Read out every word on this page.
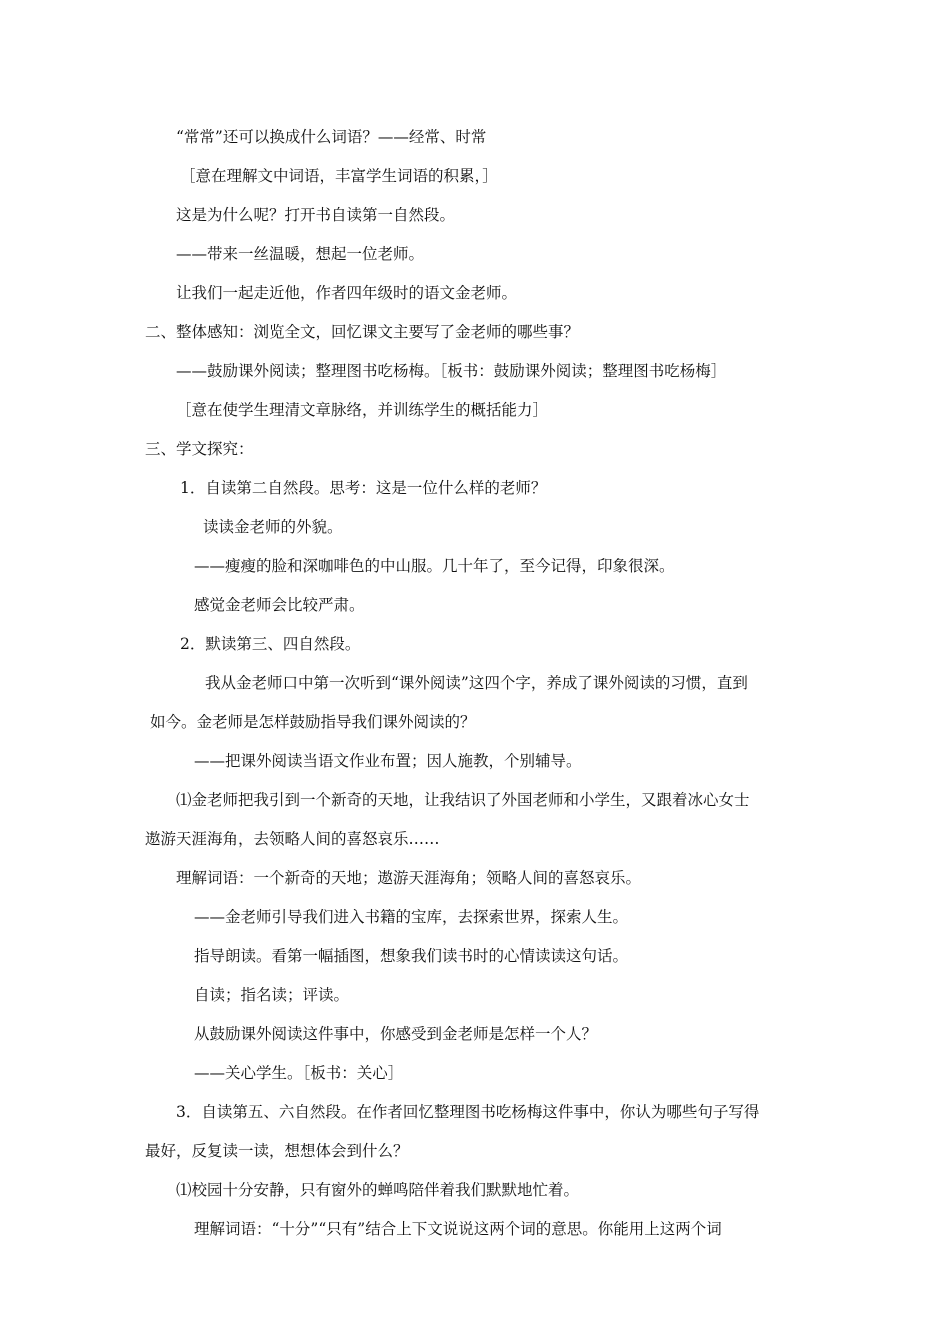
“常常”还可以换成什么词语？——经常、时常
［意在理解文中词语，丰富学生词语的积累，］
这是为什么呢？打开书自读第一自然段。
——带来一丝温暖，想起一位老师。
让我们一起走近他，作者四年级时的语文金老师。
二、整体感知：浏览全文，回忆课文主要写了金老师的哪些事？
——鼓励课外阅读；整理图书吃杨梅。［板书：鼓励课外阅读；整理图书吃杨梅］
［意在使学生理清文章脉络，并训练学生的概括能力］
三、学文探究：
1．自读第二自然段。思考：这是一位什么样的老师？
读读金老师的外貌。
——瘦瘦的脸和深咖啡色的中山服。几十年了，至今记得，印象很深。
感觉金老师会比较严肃。
2．默读第三、四自然段。
我从金老师口中第一次听到“课外阅读”这四个字，养成了课外阅读的习惯，直到
如今。金老师是怎样鼓励指导我们课外阅读的？
——把课外阅读当语文作业布置；因人施教，个别辅导。
⑴金老师把我引到一个新奇的天地，让我结识了外国老师和小学生，又跟着冰心女士
遨游天涯海角，去领略人间的喜怒哀乐……
理解词语：一个新奇的天地；遨游天涯海角；领略人间的喜怒哀乐。
——金老师引导我们进入书籍的宝库，去探索世界，探索人生。
指导朗读。看第一幅插图，想象我们读书时的心情读读这句话。
自读；指名读；评读。
从鼓励课外阅读这件事中，你感受到金老师是怎样一个人？
——关心学生。［板书：关心］
3．自读第五、六自然段。在作者回忆整理图书吃杨梅这件事中，你认为哪些句子写得
最好，反复读一读，想想体会到什么？
⑴校园十分安静，只有窗外的蝉鸣陪伴着我们默默地忙着。
理解词语：“十分”“只有”结合上下文说说这两个词的意思。你能用上这两个词
